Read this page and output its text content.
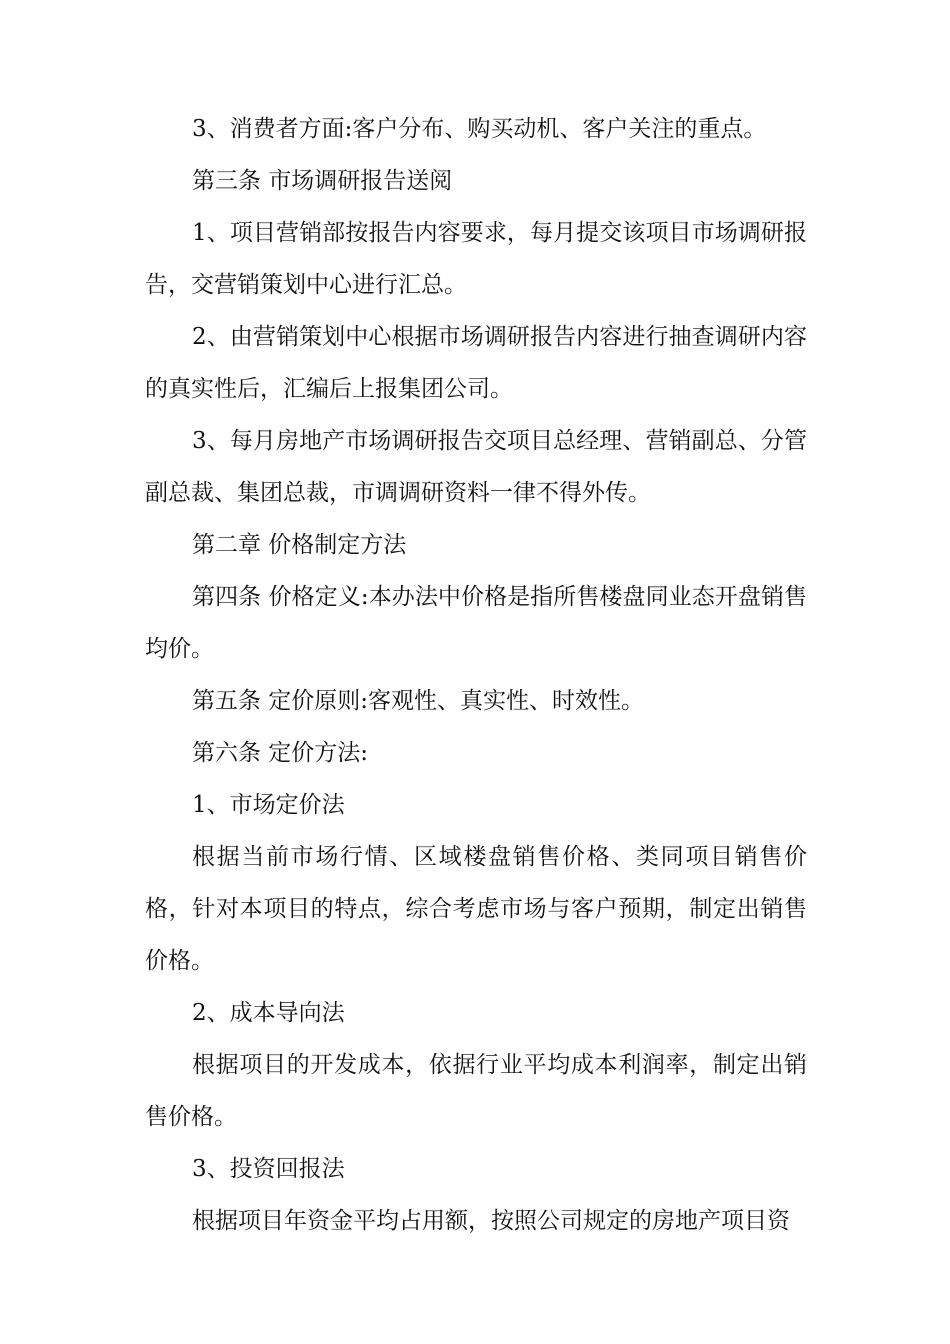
3、消费者方面:客户分布、购买动机、客户关注的重点。

第三条 市场调研报告送阅

1、项目营销部按报告内容要求，每月提交该项目市场调研报告，交营销策划中心进行汇总。

2、由营销策划中心根据市场调研报告内容进行抽查调研内容的真实性后，汇编后上报集团公司。

3、每月房地产市场调研报告交项目总经理、营销副总、分管副总裁、集团总裁，市调调研资料一律不得外传。

第二章 价格制定方法

第四条 价格定义:本办法中价格是指所售楼盘同业态开盘销售均价。

第五条 定价原则:客观性、真实性、时效性。

第六条 定价方法:

1、市场定价法

根据当前市场行情、区域楼盘销售价格、类同项目销售价格，针对本项目的特点，综合考虑市场与客户预期，制定出销售价格。

2、成本导向法

根据项目的开发成本，依据行业平均成本利润率，制定出销售价格。

3、投资回报法

根据项目年资金平均占用额，按照公司规定的房地产项目资
